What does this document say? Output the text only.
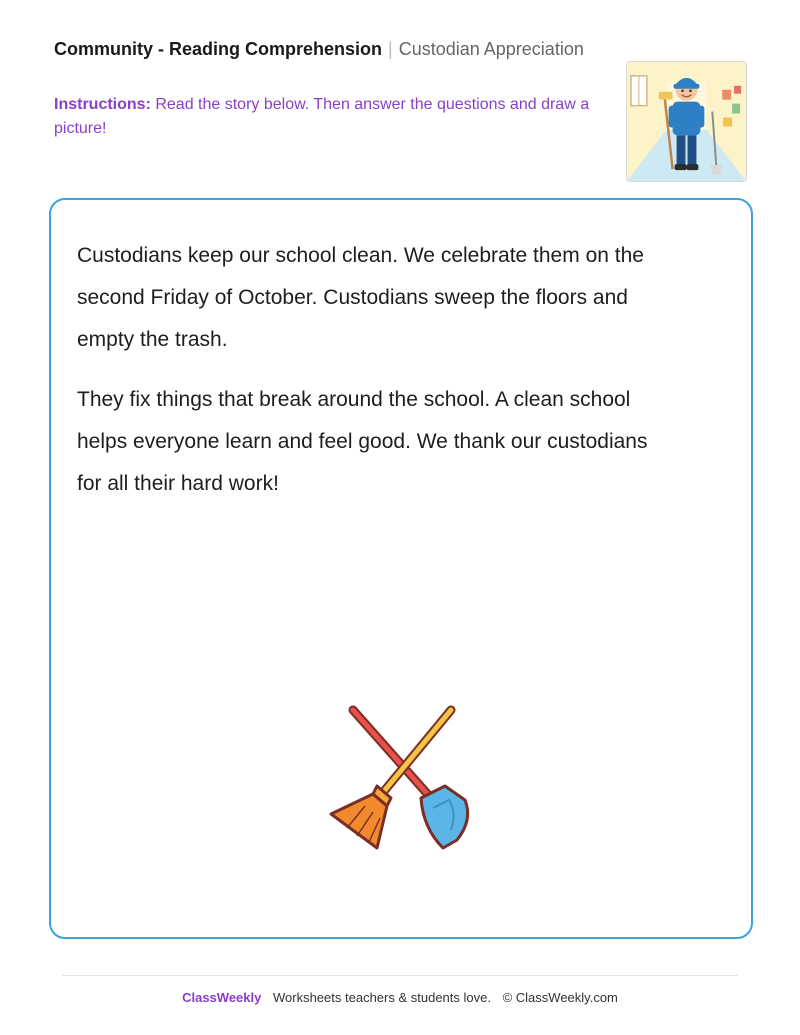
Community - Reading Comprehension | Custodian Appreciation
Instructions: Read the story below. Then answer the questions and draw a picture!

Custodians keep our school clean. We celebrate them on the second Friday of October. Custodians sweep the floors and empty the trash.

They fix things that break around the school. A clean school helps everyone learn and feel good. We thank our custodians for all their hard work!

ClassWeekly Worksheets teachers & students love. © ClassWeekly.com
